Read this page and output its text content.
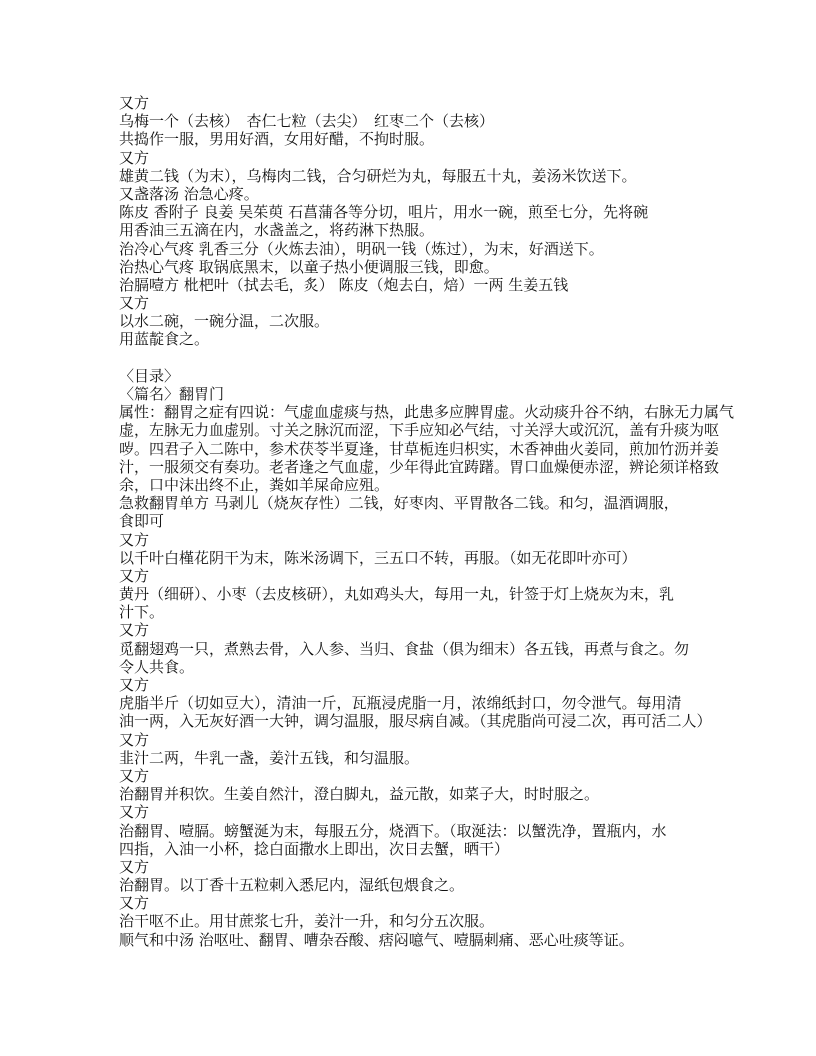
又方
乌梅一个（去核）　杏仁七粒（去尖）　红枣二个（去核）
共捣作一服，男用好酒，女用好醋，不拘时服。
又方
雄黄二钱（为末），乌梅肉二钱，合匀研烂为丸，每服五十丸，姜汤米饮送下。
又盏落汤 治急心疼。
陈皮 香附子 良姜 吴茱萸 石菖蒲各等分切，咀片，用水一碗，煎至七分，先将碗
用香油三五滴在内，水盏盖之，将药淋下热服。
治冷心气疼 乳香三分（火炼去油），明矾一钱（炼过），为末，好酒送下。
治热心气疼 取锅底黑末，以童子热小便调服三钱，即愈。
治膈噎方 枇杷叶（拭去毛，炙） 陈皮（炮去白，焙）一两 生姜五钱
又方
以水二碗，一碗分温，二次服。
用蓝靛食之。
〈目录〉
〈篇名〉翻胃门
属性：翻胃之症有四说：气虚血虚痰与热，此患多应脾胃虚。火动痰升谷不纳，右脉无力属气
虚，左脉无力血虚别。寸关之脉沉而涩，下手应知必气结，寸关浮大或沉沉，盖有升痰为呕
哕。四君子入二陈中，参术茯苓半夏逢，甘草栀连归枳实，木香神曲火姜同，煎加竹沥并姜
汁，一服须交有奏功。老者逢之气血虚，少年得此宜踌躇。胃口血燥便赤涩，辨论须详格致
余，口中沫出终不止，粪如羊屎命应殂。
急救翻胃单方 马剥儿（烧灰存性）二钱，好枣肉、平胃散各二钱。和匀，温酒调服，
食即可
又方
以千叶白槿花阴干为末，陈米汤调下，三五口不转，再服。（如无花即叶亦可）
又方
黄丹（细研）、小枣（去皮核研），丸如鸡头大，每用一丸，针签于灯上烧灰为末，乳
汁下。
又方
觅翻翅鸡一只，煮熟去骨，入人参、当归、食盐（俱为细末）各五钱，再煮与食之。勿
令人共食。
又方
虎脂半斤（切如豆大），清油一斤，瓦瓶浸虎脂一月，浓绵纸封口，勿令泄气。每用清
油一两，入无灰好酒一大钟，调匀温服，服尽病自减。（其虎脂尚可浸二次，再可活二人）
又方
韭汁二两，牛乳一盏，姜汁五钱，和匀温服。
又方
治翻胃并积饮。生姜自然汁，澄白脚丸，益元散，如菜子大，时时服之。
又方
治翻胃、噎膈。螃蟹涎为末，每服五分，烧酒下。（取涎法：以蟹洗净，置瓶内，水
四指，入油一小杯，捻白面撒水上即出，次日去蟹，晒干）
又方
治翻胃。以丁香十五粒刺入悉尼内，湿纸包煨食之。
又方
治干呕不止。用甘蔗浆七升，姜汁一升，和匀分五次服。
顺气和中汤 治呕吐、翻胃、嘈杂吞酸、痞闷噫气、噎膈刺痛、恶心吐痰等证。
